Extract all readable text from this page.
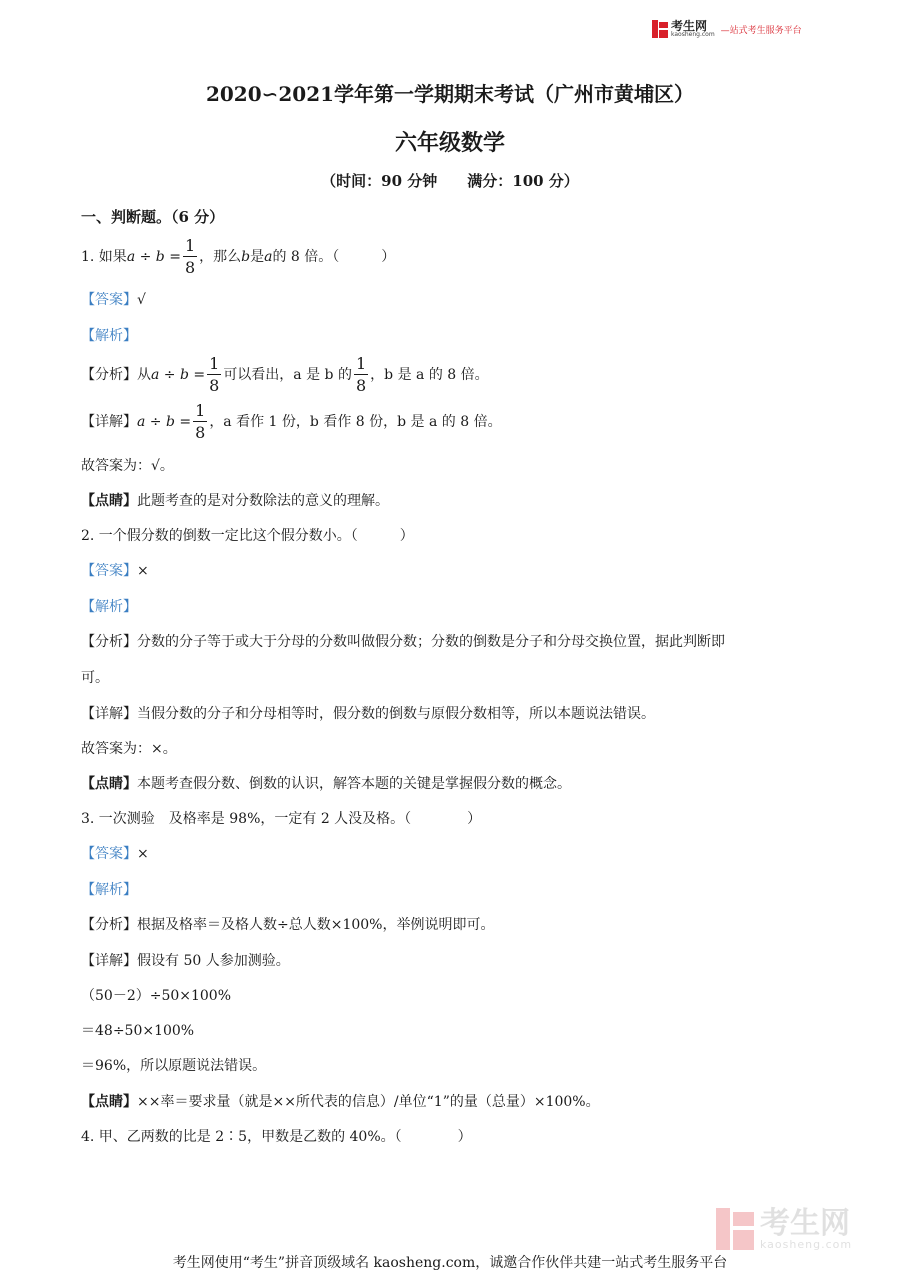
考生网
kaosheng.com —站式考生服务平台
2020∽2021学年第一学期期末考试（广州市黄埔区）
六年级数学
（时间：90 分钟　　满分：100 分）
一、判断题。（6 分）
1. 如果$a \div b = \frac{1}{8}$ ，那么b是a的 8 倍。（　　　）
【答案】√
【解析】
【分析】从$a \div b = \frac{1}{8}$ 可以看出，a 是 b 的 $\frac{1}{8}$ ，b 是 a 的 8 倍。
【详解】$a \div b = \frac{1}{8}$ ，a 看作 1 份，b 看作 8 份，b 是 a 的 8 倍。
故答案为：√。
【点睛】此题考查的是对分数除法的意义的理解。
2. 一个假分数的倒数一定比这个假分数小。（　　　）
【答案】×
【解析】
【分析】分数的分子等于或大于分母的分数叫做假分数；分数的倒数是分子和分母交换位置，据此判断即
可。
【详解】当假分数的分子和分母相等时，假分数的倒数与原假分数相等，所以本题说法错误。
故答案为：×。
【点睛】本题考查假分数、倒数的认识，解答本题的关键是掌握假分数的概念。
3. 一次测验　及格率是 98%，一定有 2 人没及格。（　　　　）
【答案】×
【解析】
【分析】根据及格率＝及格人数÷总人数×100%，举例说明即可。
【详解】假设有 50 人参加测验。
（50－2）÷50×100%
＝48÷50×100%
＝96%，所以原题说法错误。
【点睛】××率＝要求量（就是××所代表的信息）/单位“1”的量（总量）×100%。
4. 甲、乙两数的比是 2∶5，甲数是乙数的 40%。（　　　　）
考生网
kaosheng.com
考生网使用“考生”拼音顶级域名 kaosheng.com，诚邀合作伙伴共建一站式考生服务平台
